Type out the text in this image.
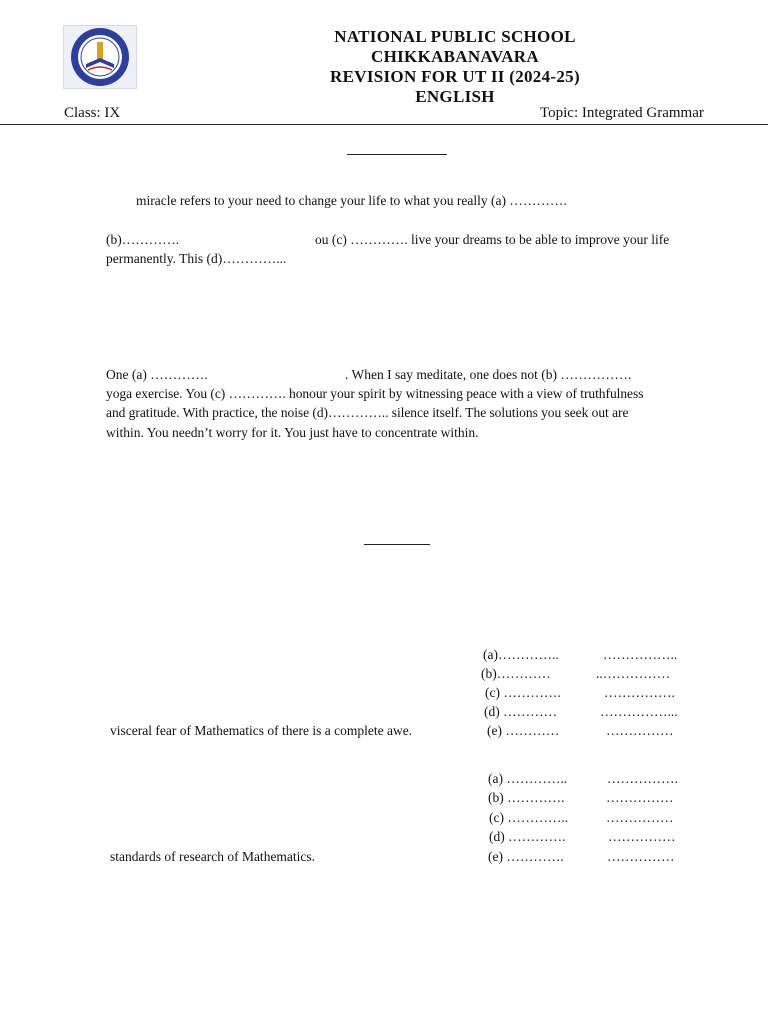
NATIONAL PUBLIC SCHOOL
CHIKKABANAVARA
REVISION FOR UT II (2024-25)
ENGLISH
Class: IX	Topic: Integrated Grammar
miracle refers to your need to change your life to what you really (a) ………….
(b)………….	ou (c) …………. live your dreams to be able to improve your life
permanently. This (d)…………...
One (a) ………….	. When I say meditate, one does not (b) …………….
yoga exercise. You (c) …………. honour your spirit by witnessing peace with a view of truthfulness
and gratitude. With practice, the noise (d)………….. silence itself. The solutions you seek out are
within. You needn’t worry for it. You just have to concentrate within.
(a)…………..	……………..
(b)…………	..……………
(c) ………….	…………….
(d) …………	……………...
visceral fear of Mathematics of there is a complete awe.	(e) …………	……………
(a) …………..	…………….
(b) ………….	……………
(c) …………..	……………
(d) ………….	……………
standards of research of Mathematics.	(e) ………….	……………
